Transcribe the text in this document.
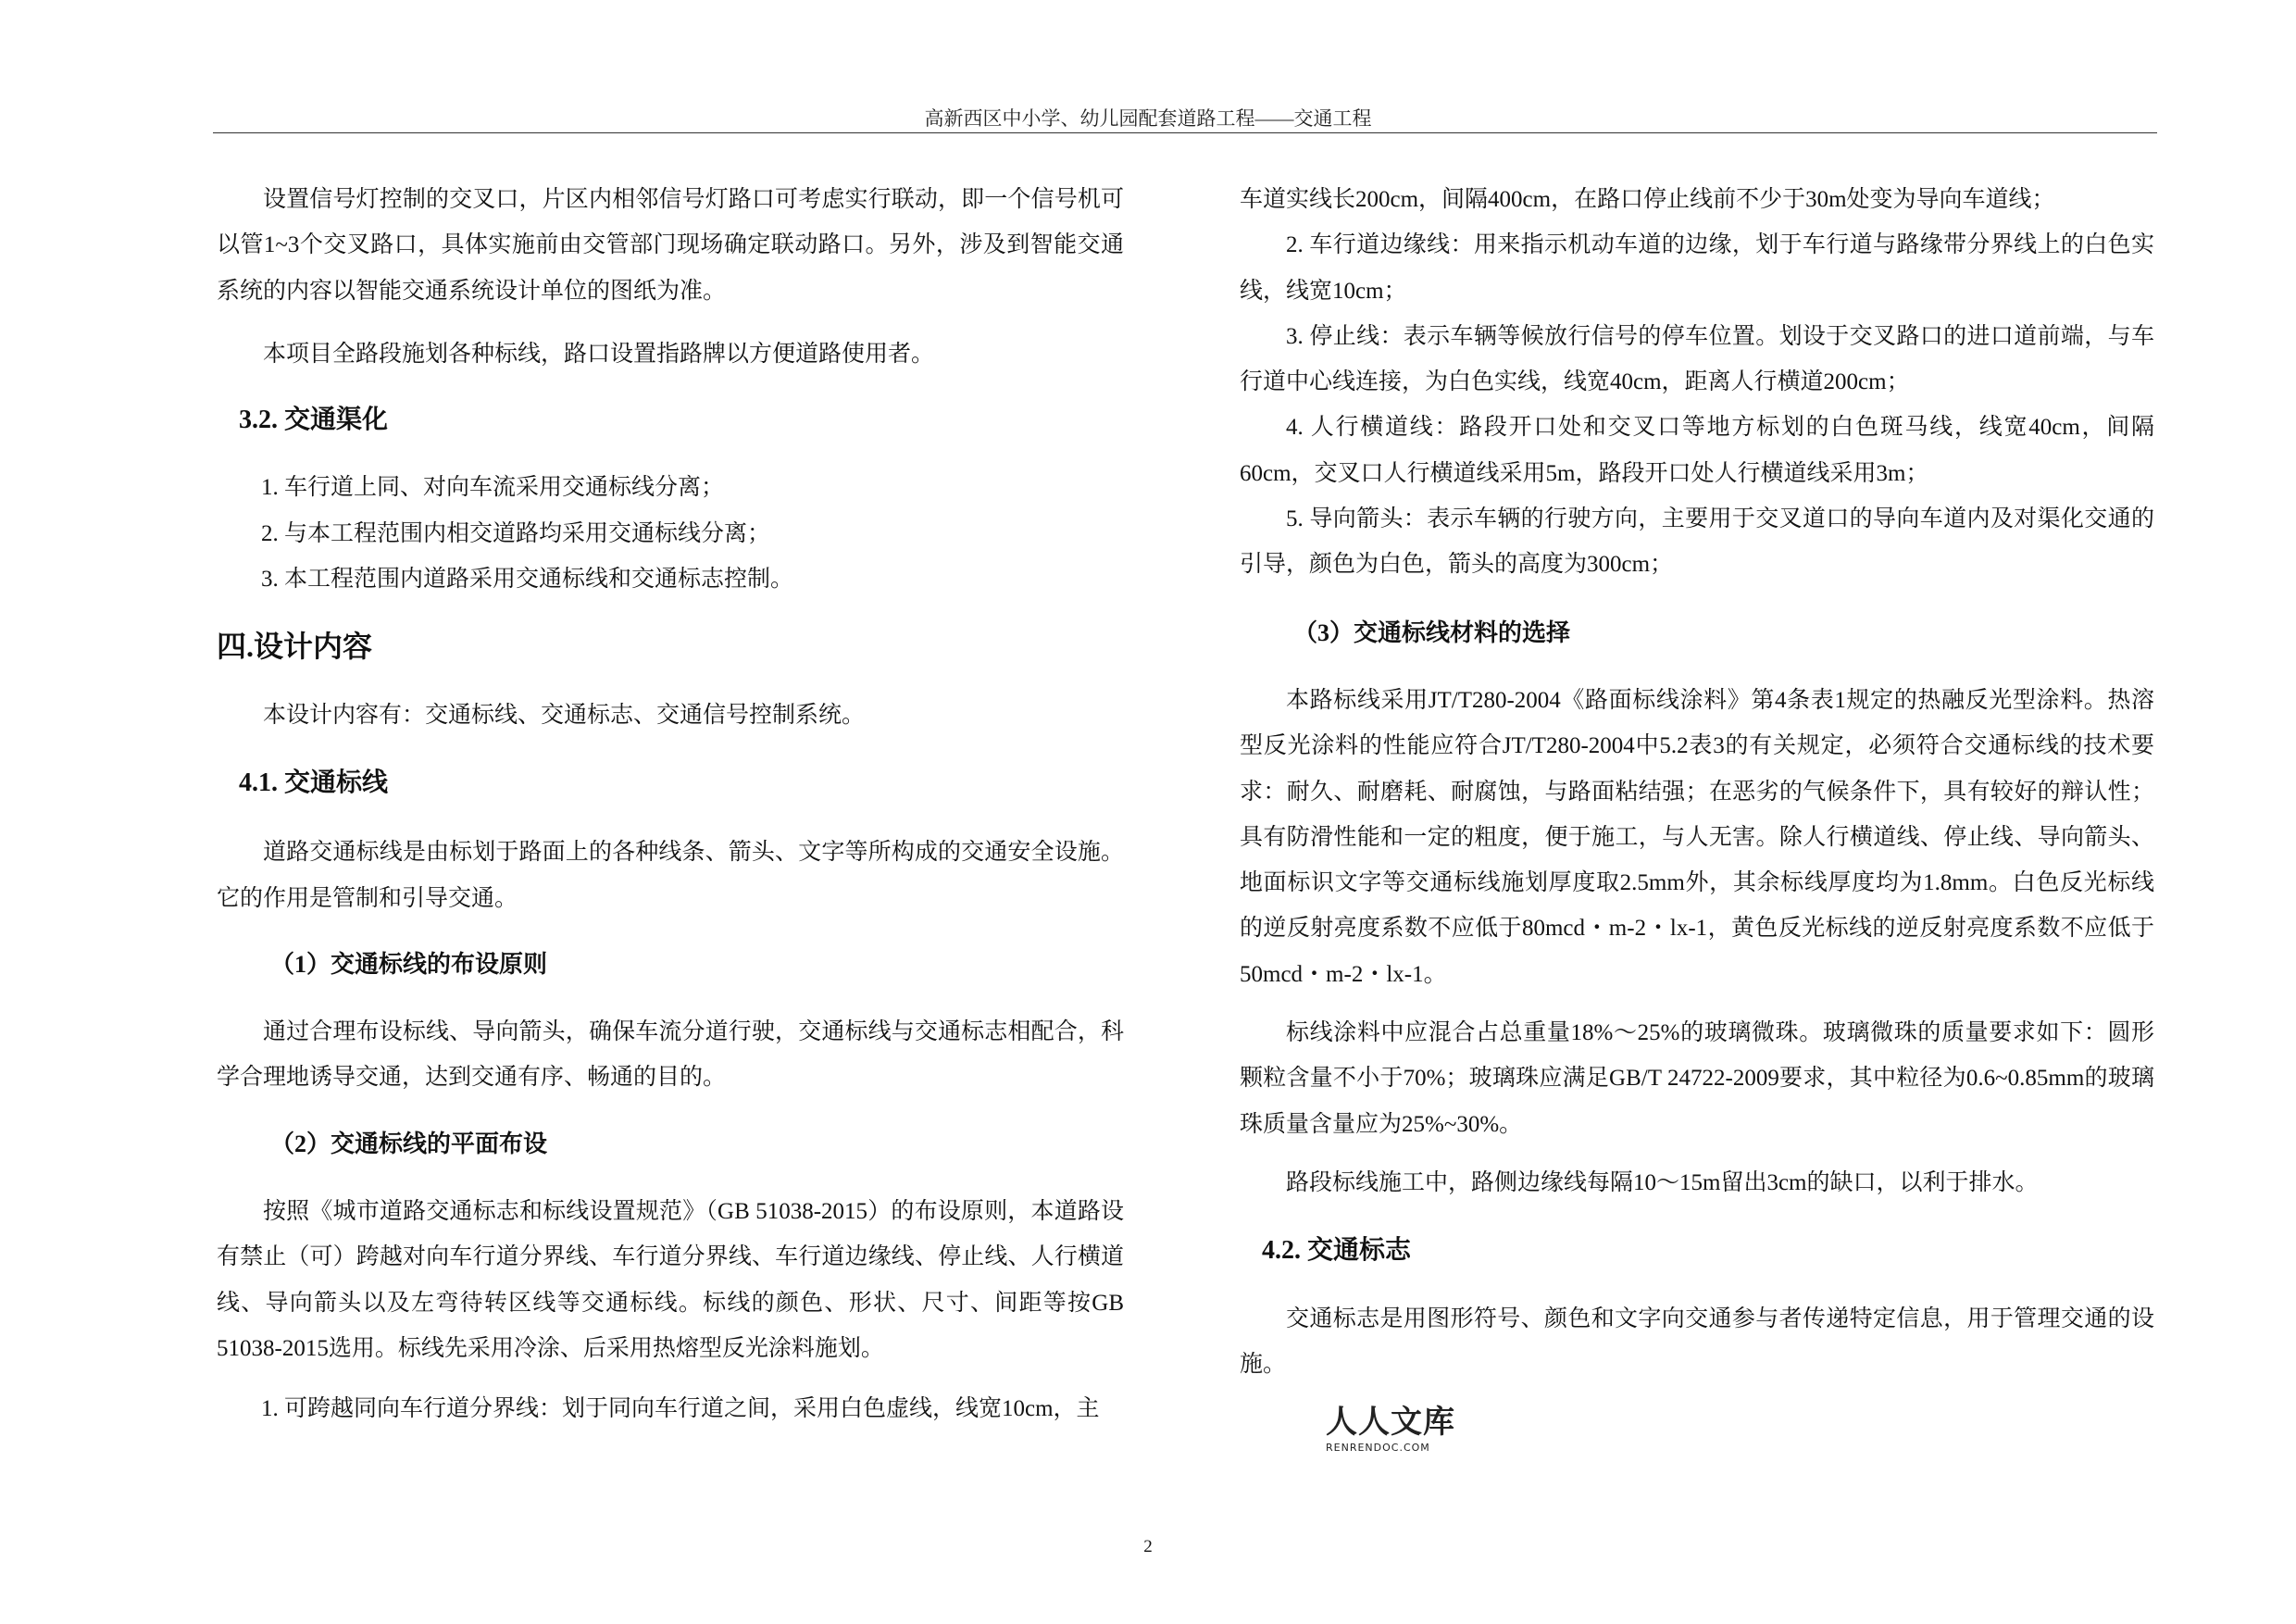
高新西区中小学、幼儿园配套道路工程——交通工程
设置信号灯控制的交叉口，片区内相邻信号灯路口可考虑实行联动，即一个信号机可以管1~3个交叉路口，具体实施前由交管部门现场确定联动路口。另外，涉及到智能交通系统的内容以智能交通系统设计单位的图纸为准。
本项目全路段施划各种标线，路口设置指路牌以方便道路使用者。
3.2. 交通渠化
1. 车行道上同、对向车流采用交通标线分离；
2. 与本工程范围内相交道路均采用交通标线分离；
3. 本工程范围内道路采用交通标线和交通标志控制。
四.设计内容
本设计内容有：交通标线、交通标志、交通信号控制系统。
4.1. 交通标线
道路交通标线是由标划于路面上的各种线条、箭头、文字等所构成的交通安全设施。它的作用是管制和引导交通。
（1）交通标线的布设原则
通过合理布设标线、导向箭头，确保车流分道行驶，交通标线与交通标志相配合，科学合理地诱导交通，达到交通有序、畅通的目的。
（2）交通标线的平面布设
按照《城市道路交通标志和标线设置规范》（GB 51038-2015）的布设原则，本道路设有禁止（可）跨越对向车行道分界线、车行道分界线、车行道边缘线、停止线、人行横道线、导向箭头以及左弯待转区线等交通标线。标线的颜色、形状、尺寸、间距等按GB 51038-2015选用。标线先采用冷涂、后采用热熔型反光涂料施划。
1. 可跨越同向车行道分界线：划于同向车行道之间，采用白色虚线，线宽10cm，主
车道实线长200cm，间隔400cm，在路口停止线前不少于30m处变为导向车道线；
2. 车行道边缘线：用来指示机动车道的边缘，划于车行道与路缘带分界线上的白色实线，线宽10cm；
3. 停止线：表示车辆等候放行信号的停车位置。划设于交叉路口的进口道前端，与车行道中心线连接，为白色实线，线宽40cm，距离人行横道200cm；
4. 人行横道线：路段开口处和交叉口等地方标划的白色斑马线，线宽40cm，间隔60cm，交叉口人行横道线采用5m，路段开口处人行横道线采用3m；
5. 导向箭头：表示车辆的行驶方向，主要用于交叉道口的导向车道内及对渠化交通的引导，颜色为白色，箭头的高度为300cm；
（3）交通标线材料的选择
本路标线采用JT/T280-2004《路面标线涂料》第4条表1规定的热融反光型涂料。热溶型反光涂料的性能应符合JT/T280-2004中5.2表3的有关规定，必须符合交通标线的技术要求：耐久、耐磨耗、耐腐蚀，与路面粘结强；在恶劣的气候条件下，具有较好的辩认性；具有防滑性能和一定的粗度，便于施工，与人无害。除人行横道线、停止线、导向箭头、地面标识文字等交通标线施划厚度取2.5mm外，其余标线厚度均为1.8mm。白色反光标线的逆反射亮度系数不应低于80mcd・m-2・lx-1，黄色反光标线的逆反射亮度系数不应低于50mcd・m-2・lx-1。
标线涂料中应混合占总重量18%～25%的玻璃微珠。玻璃微珠的质量要求如下：圆形颗粒含量不小于70%；玻璃珠应满足GB/T 24722-2009要求，其中粒径为0.6~0.85mm的玻璃珠质量含量应为25%~30%。
路段标线施工中，路侧边缘线每隔10～15m留出3cm的缺口，以利于排水。
4.2. 交通标志
交通标志是用图形符号、颜色和文字向交通参与者传递特定信息，用于管理交通的设施。
人人文库
RENRENDOC.COM
2
